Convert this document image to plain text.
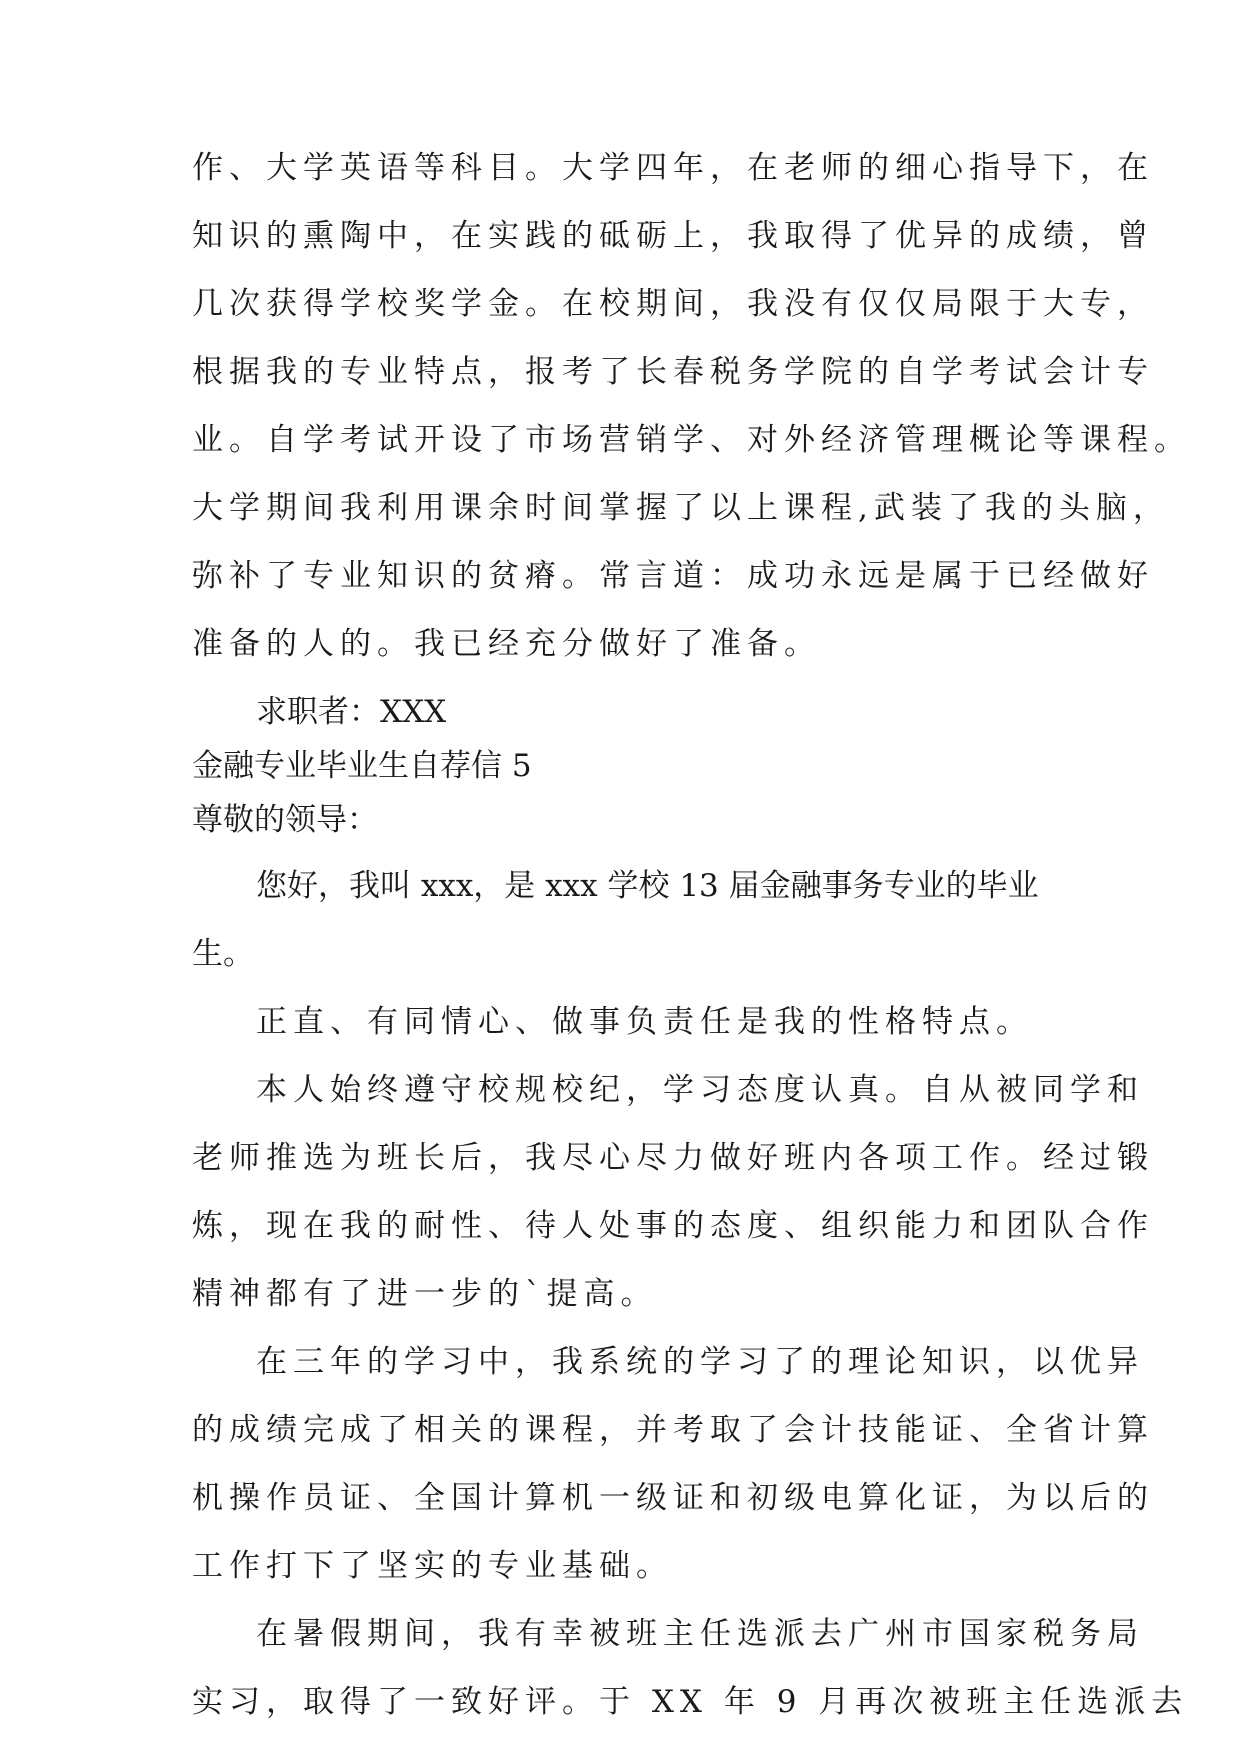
作、大学英语等科目。大学四年，在老师的细心指导下，在
知识的熏陶中，在实践的砥砺上，我取得了优异的成绩，曾
几次获得学校奖学金。在校期间，我没有仅仅局限于大专，
根据我的专业特点，报考了长春税务学院的自学考试会计专
业。自学考试开设了市场营销学、对外经济管理概论等课程。
大学期间我利用课余时间掌握了以上课程,武装了我的头脑，
弥补了专业知识的贫瘠。常言道：成功永远是属于已经做好
准备的人的。我已经充分做好了准备。
求职者：XXX
金融专业毕业生自荐信 5
尊敬的领导：
您好，我叫 xxx，是 xxx 学校 13 届金融事务专业的毕业
生。
正直、有同情心、做事负责任是我的性格特点。
本人始终遵守校规校纪，学习态度认真。自从被同学和
老师推选为班长后，我尽心尽力做好班内各项工作。经过锻
炼，现在我的耐性、待人处事的态度、组织能力和团队合作
精神都有了进一步的`提高。
在三年的学习中，我系统的学习了的理论知识，以优异
的成绩完成了相关的课程，并考取了会计技能证、全省计算
机操作员证、全国计算机一级证和初级电算化证，为以后的
工作打下了坚实的专业基础。
在暑假期间，我有幸被班主任选派去广州市国家税务局
实习，取得了一致好评。于 XX 年 9 月再次被班主任选派去
